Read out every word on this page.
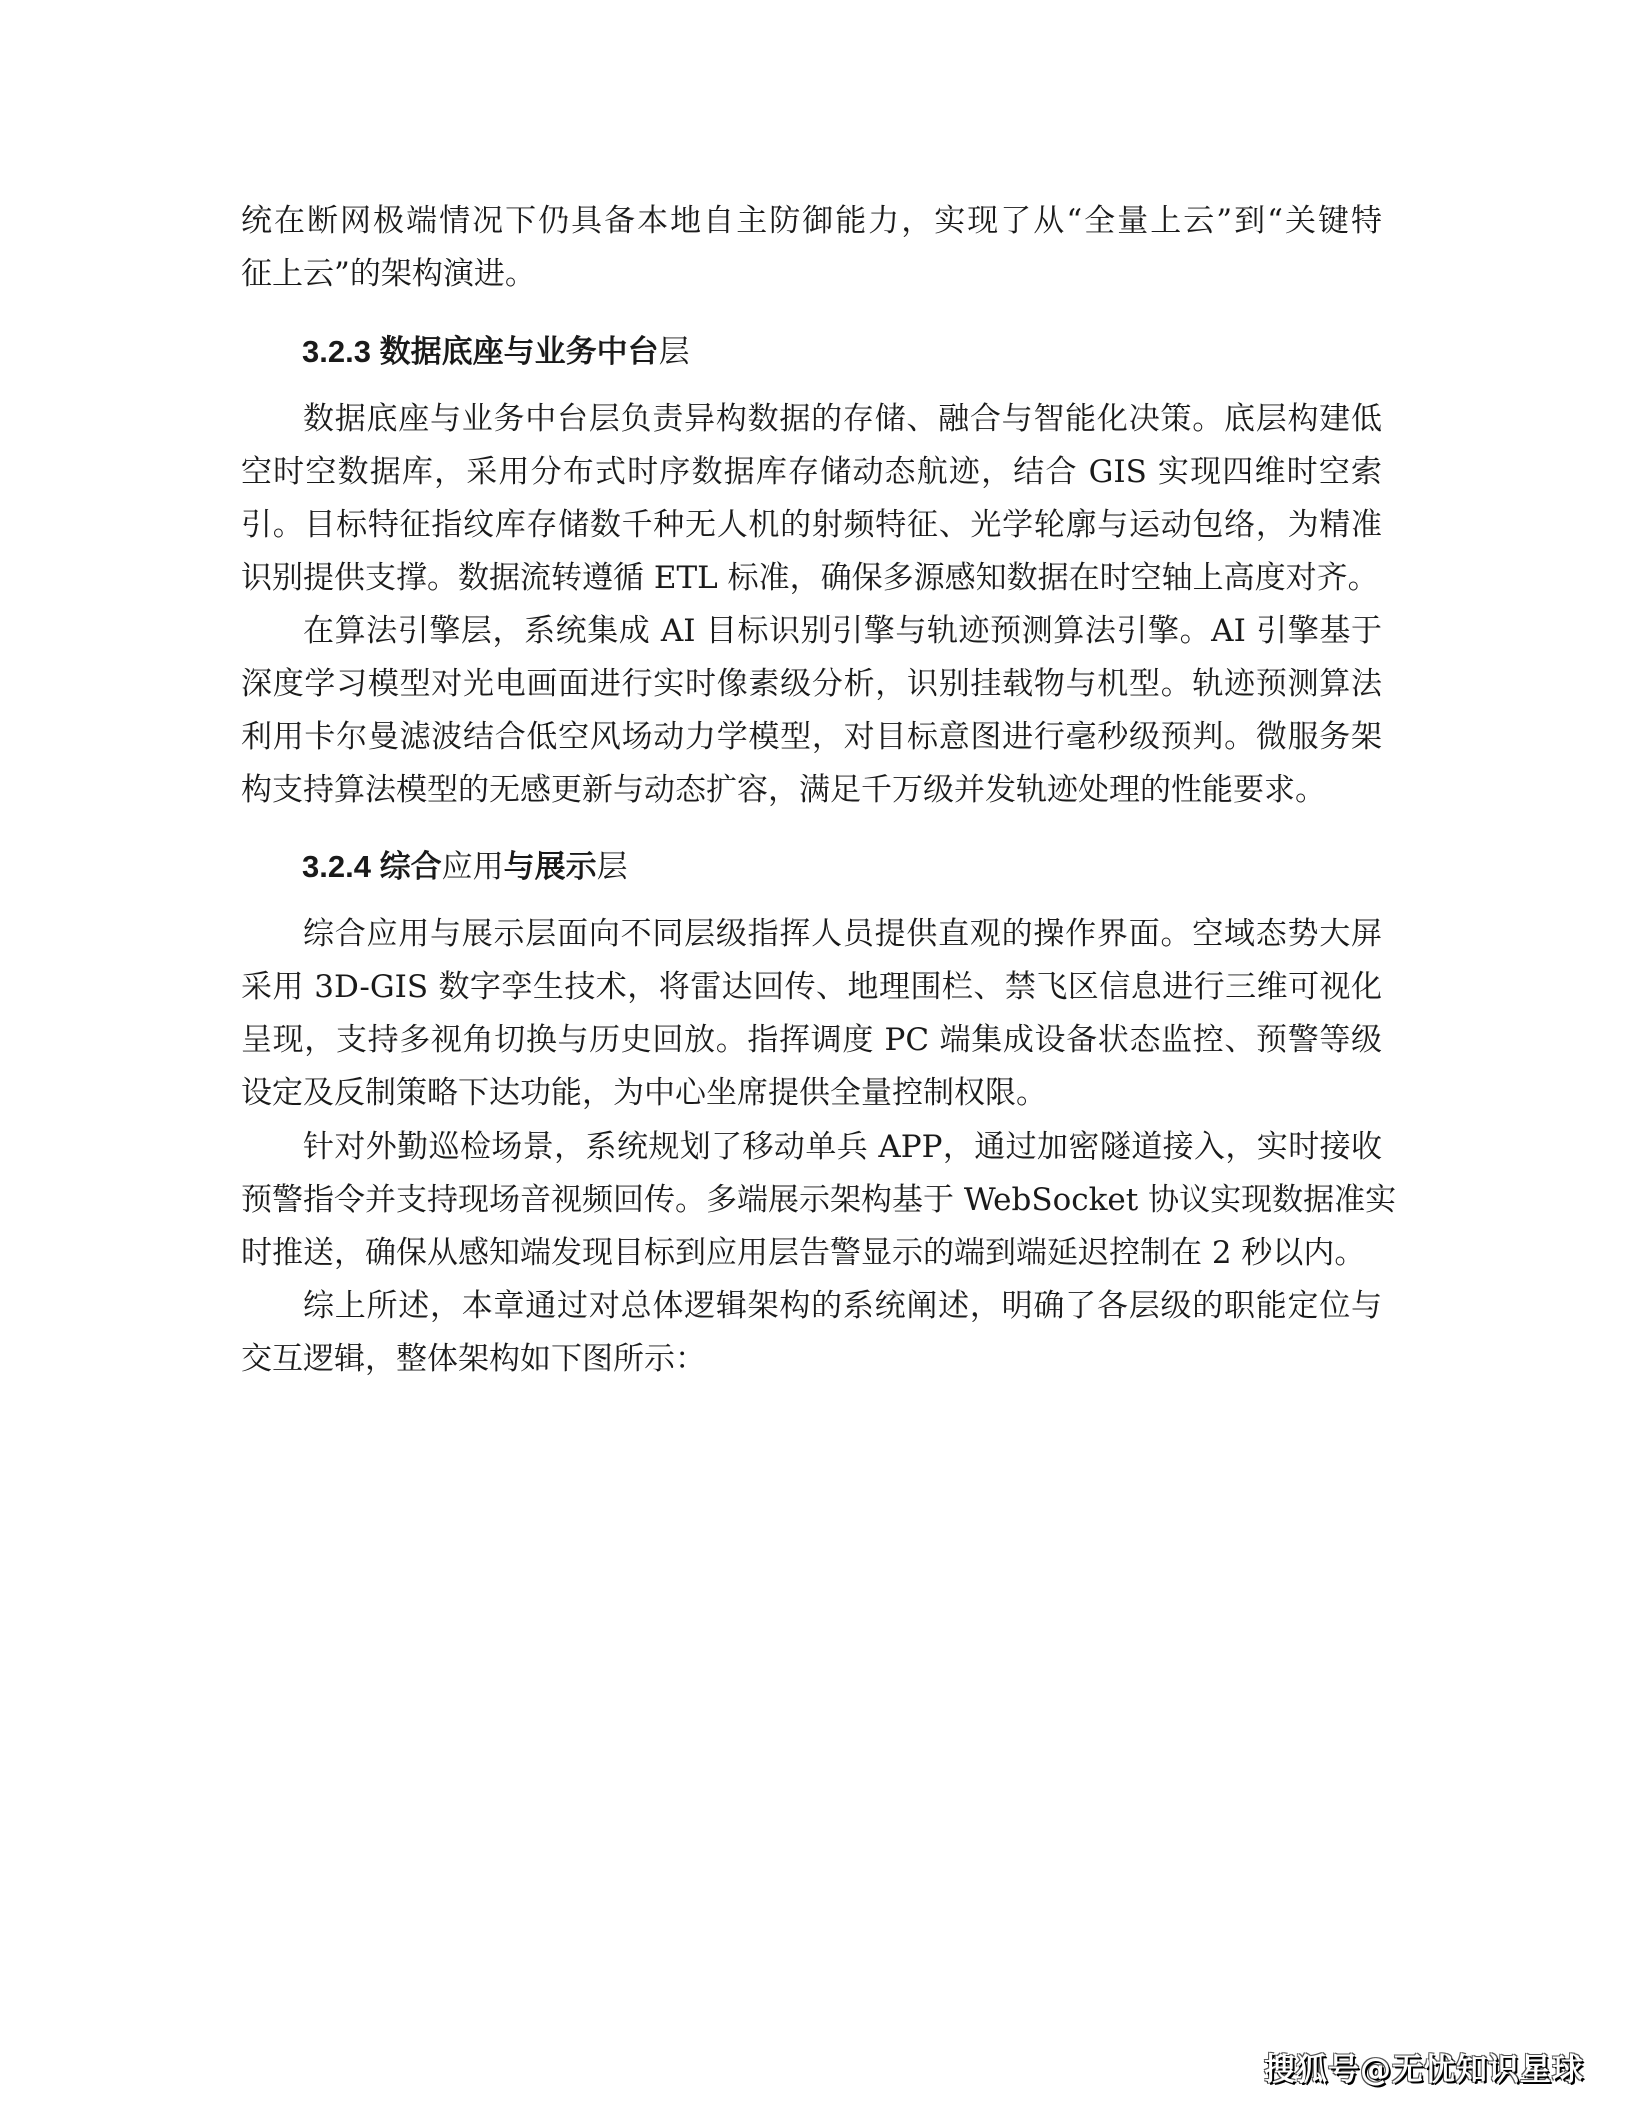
统在断网极端情况下仍具备本地自主防御能力，实现了从“全量上云”到“关键特
征上云”的架构演进。
3.2.3 数据底座与业务中台层
数据底座与业务中台层负责异构数据的存储、融合与智能化决策。底层构建低
空时空数据库，采用分布式时序数据库存储动态航迹，结合 GIS 实现四维时空索
引。目标特征指纹库存储数千种无人机的射频特征、光学轮廓与运动包络，为精准
识别提供支撑。数据流转遵循 ETL 标准，确保多源感知数据在时空轴上高度对齐。
在算法引擎层，系统集成 AI 目标识别引擎与轨迹预测算法引擎。AI 引擎基于
深度学习模型对光电画面进行实时像素级分析，识别挂载物与机型。轨迹预测算法
利用卡尔曼滤波结合低空风场动力学模型，对目标意图进行毫秒级预判。微服务架
构支持算法模型的无感更新与动态扩容，满足千万级并发轨迹处理的性能要求。
3.2.4 综合应用与展示层
综合应用与展示层面向不同层级指挥人员提供直观的操作界面。空域态势大屏
采用 3D-GIS 数字孪生技术，将雷达回传、地理围栏、禁飞区信息进行三维可视化
呈现，支持多视角切换与历史回放。指挥调度 PC 端集成设备状态监控、预警等级
设定及反制策略下达功能，为中心坐席提供全量控制权限。
针对外勤巡检场景，系统规划了移动单兵 APP，通过加密隧道接入，实时接收
预警指令并支持现场音视频回传。多端展示架构基于 WebSocket 协议实现数据准实
时推送，确保从感知端发现目标到应用层告警显示的端到端延迟控制在 2 秒以内。
综上所述，本章通过对总体逻辑架构的系统阐述，明确了各层级的职能定位与
交互逻辑，整体架构如下图所示：
搜狐号@无忧知识星球
